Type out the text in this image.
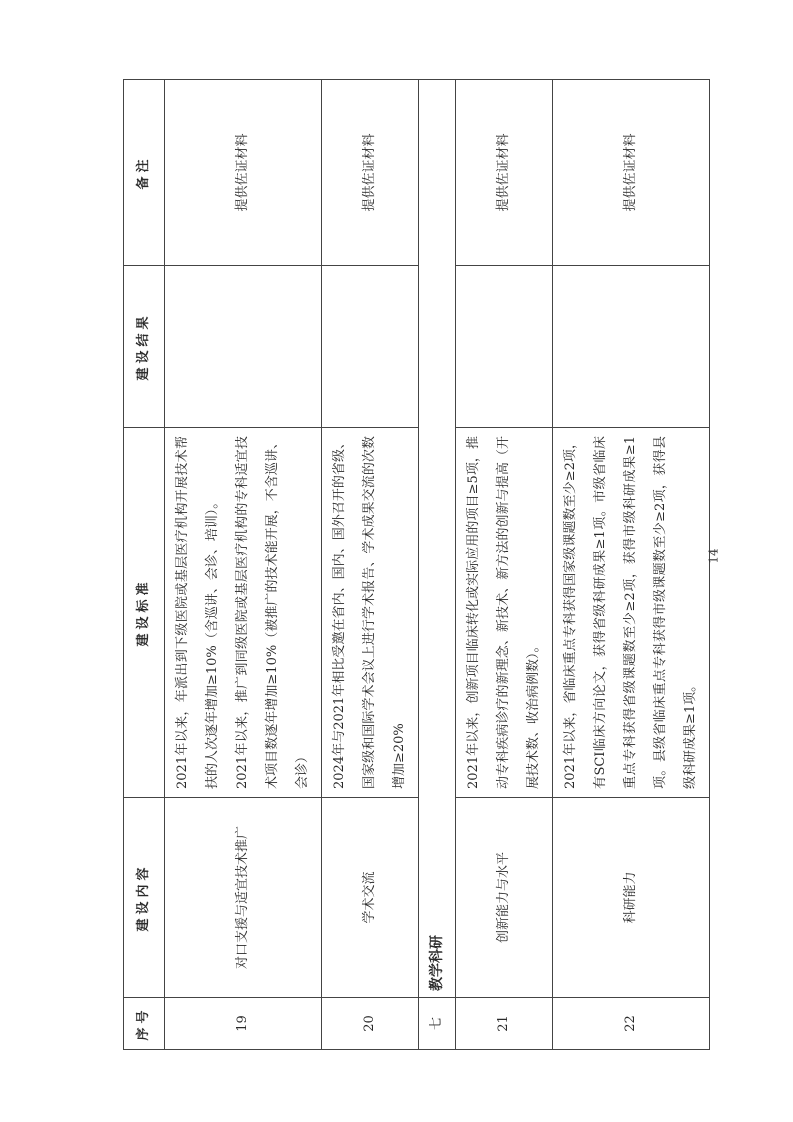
序号	建设内容	建设标准	建设结果	备注
19	对口支援与适宜技术推广	2021年以来，年派出到下级医院或基层医疗机构开展技术帮扶的人次逐年增加≥10%（含巡讲、会诊、培训）。 2021年以来，推广到同级医院或基层医疗机构的专科适宜技术项目数逐年增加≥10%（被推广的技术能开展，不含巡讲、会诊）		提供佐证材料
20	学术交流	2024年与2021年相比受邀在省内、国内、国外召开的省级、国家级和国际学术会议上进行学术报告、学术成果交流的次数增加≥20%		提供佐证材料
七	教学科研			
21	创新能力与水平	2021年以来，创新项目临床转化或实际应用的项目≥5项，推动专科疾病诊疗的新理念、新技术、新方法的创新与提高（开展技术数、收治病例数）。		提供佐证材料
22	科研能力	2021年以来，省临床重点专科获得国家级课题数至少≥2项，有SCI临床方向论文，获得省级科研成果≥1项。市级省临床重点专科获得省级课题数至少≥2项，获得市级科研成果≥1项。县级省临床重点专科获得市级课题数至少≥2项，获得县级科研成果≥1项。		提供佐证材料
14
